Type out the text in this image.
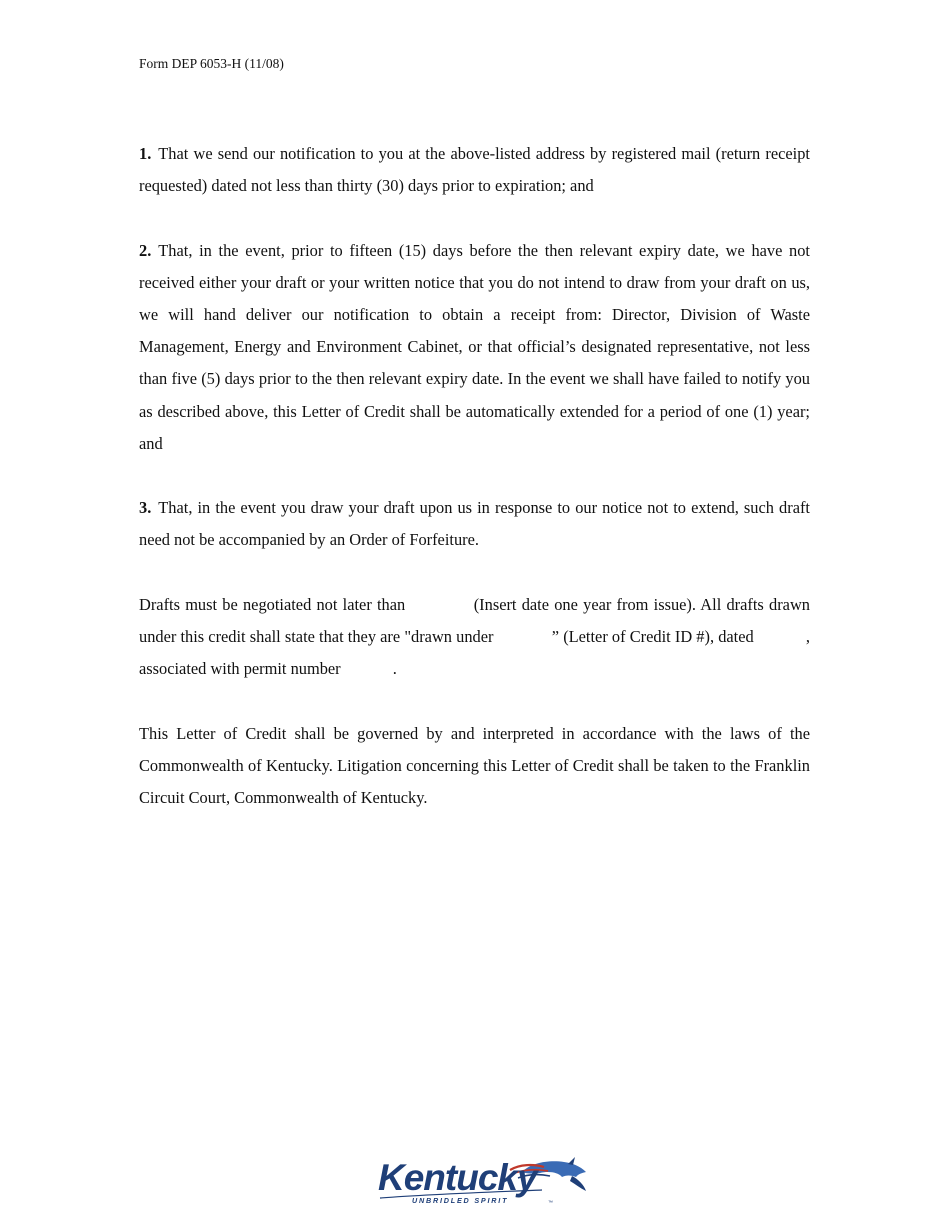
Form DEP 6053-H (11/08)

1. That we send our notification to you at the above-listed address by registered mail (return receipt requested) dated not less than thirty (30) days prior to expiration; and

2. That, in the event, prior to fifteen (15) days before the then relevant expiry date, we have not received either your draft or your written notice that you do not intend to draw from your draft on us, we will hand deliver our notification to obtain a receipt from: Director, Division of Waste Management, Energy and Environment Cabinet, or that official’s designated representative, not less than five (5) days prior to the then relevant expiry date. In the event we shall have failed to notify you as described above, this Letter of Credit shall be automatically extended for a period of one (1) year; and

3. That, in the event you draw your draft upon us in response to our notice not to extend, such draft need not be accompanied by an Order of Forfeiture.

Drafts must be negotiated not later than	(Insert date one year from issue). All drafts drawn under this credit shall state that they are "drawn under	” (Letter of Credit ID #), dated	, associated with permit number	.

This Letter of Credit shall be governed by and interpreted in accordance with the laws of the Commonwealth of Kentucky. Litigation concerning this Letter of Credit shall be taken to the Franklin Circuit Court, Commonwealth of Kentucky.

Kentucky
UNBRIDLED SPIRIT	™
